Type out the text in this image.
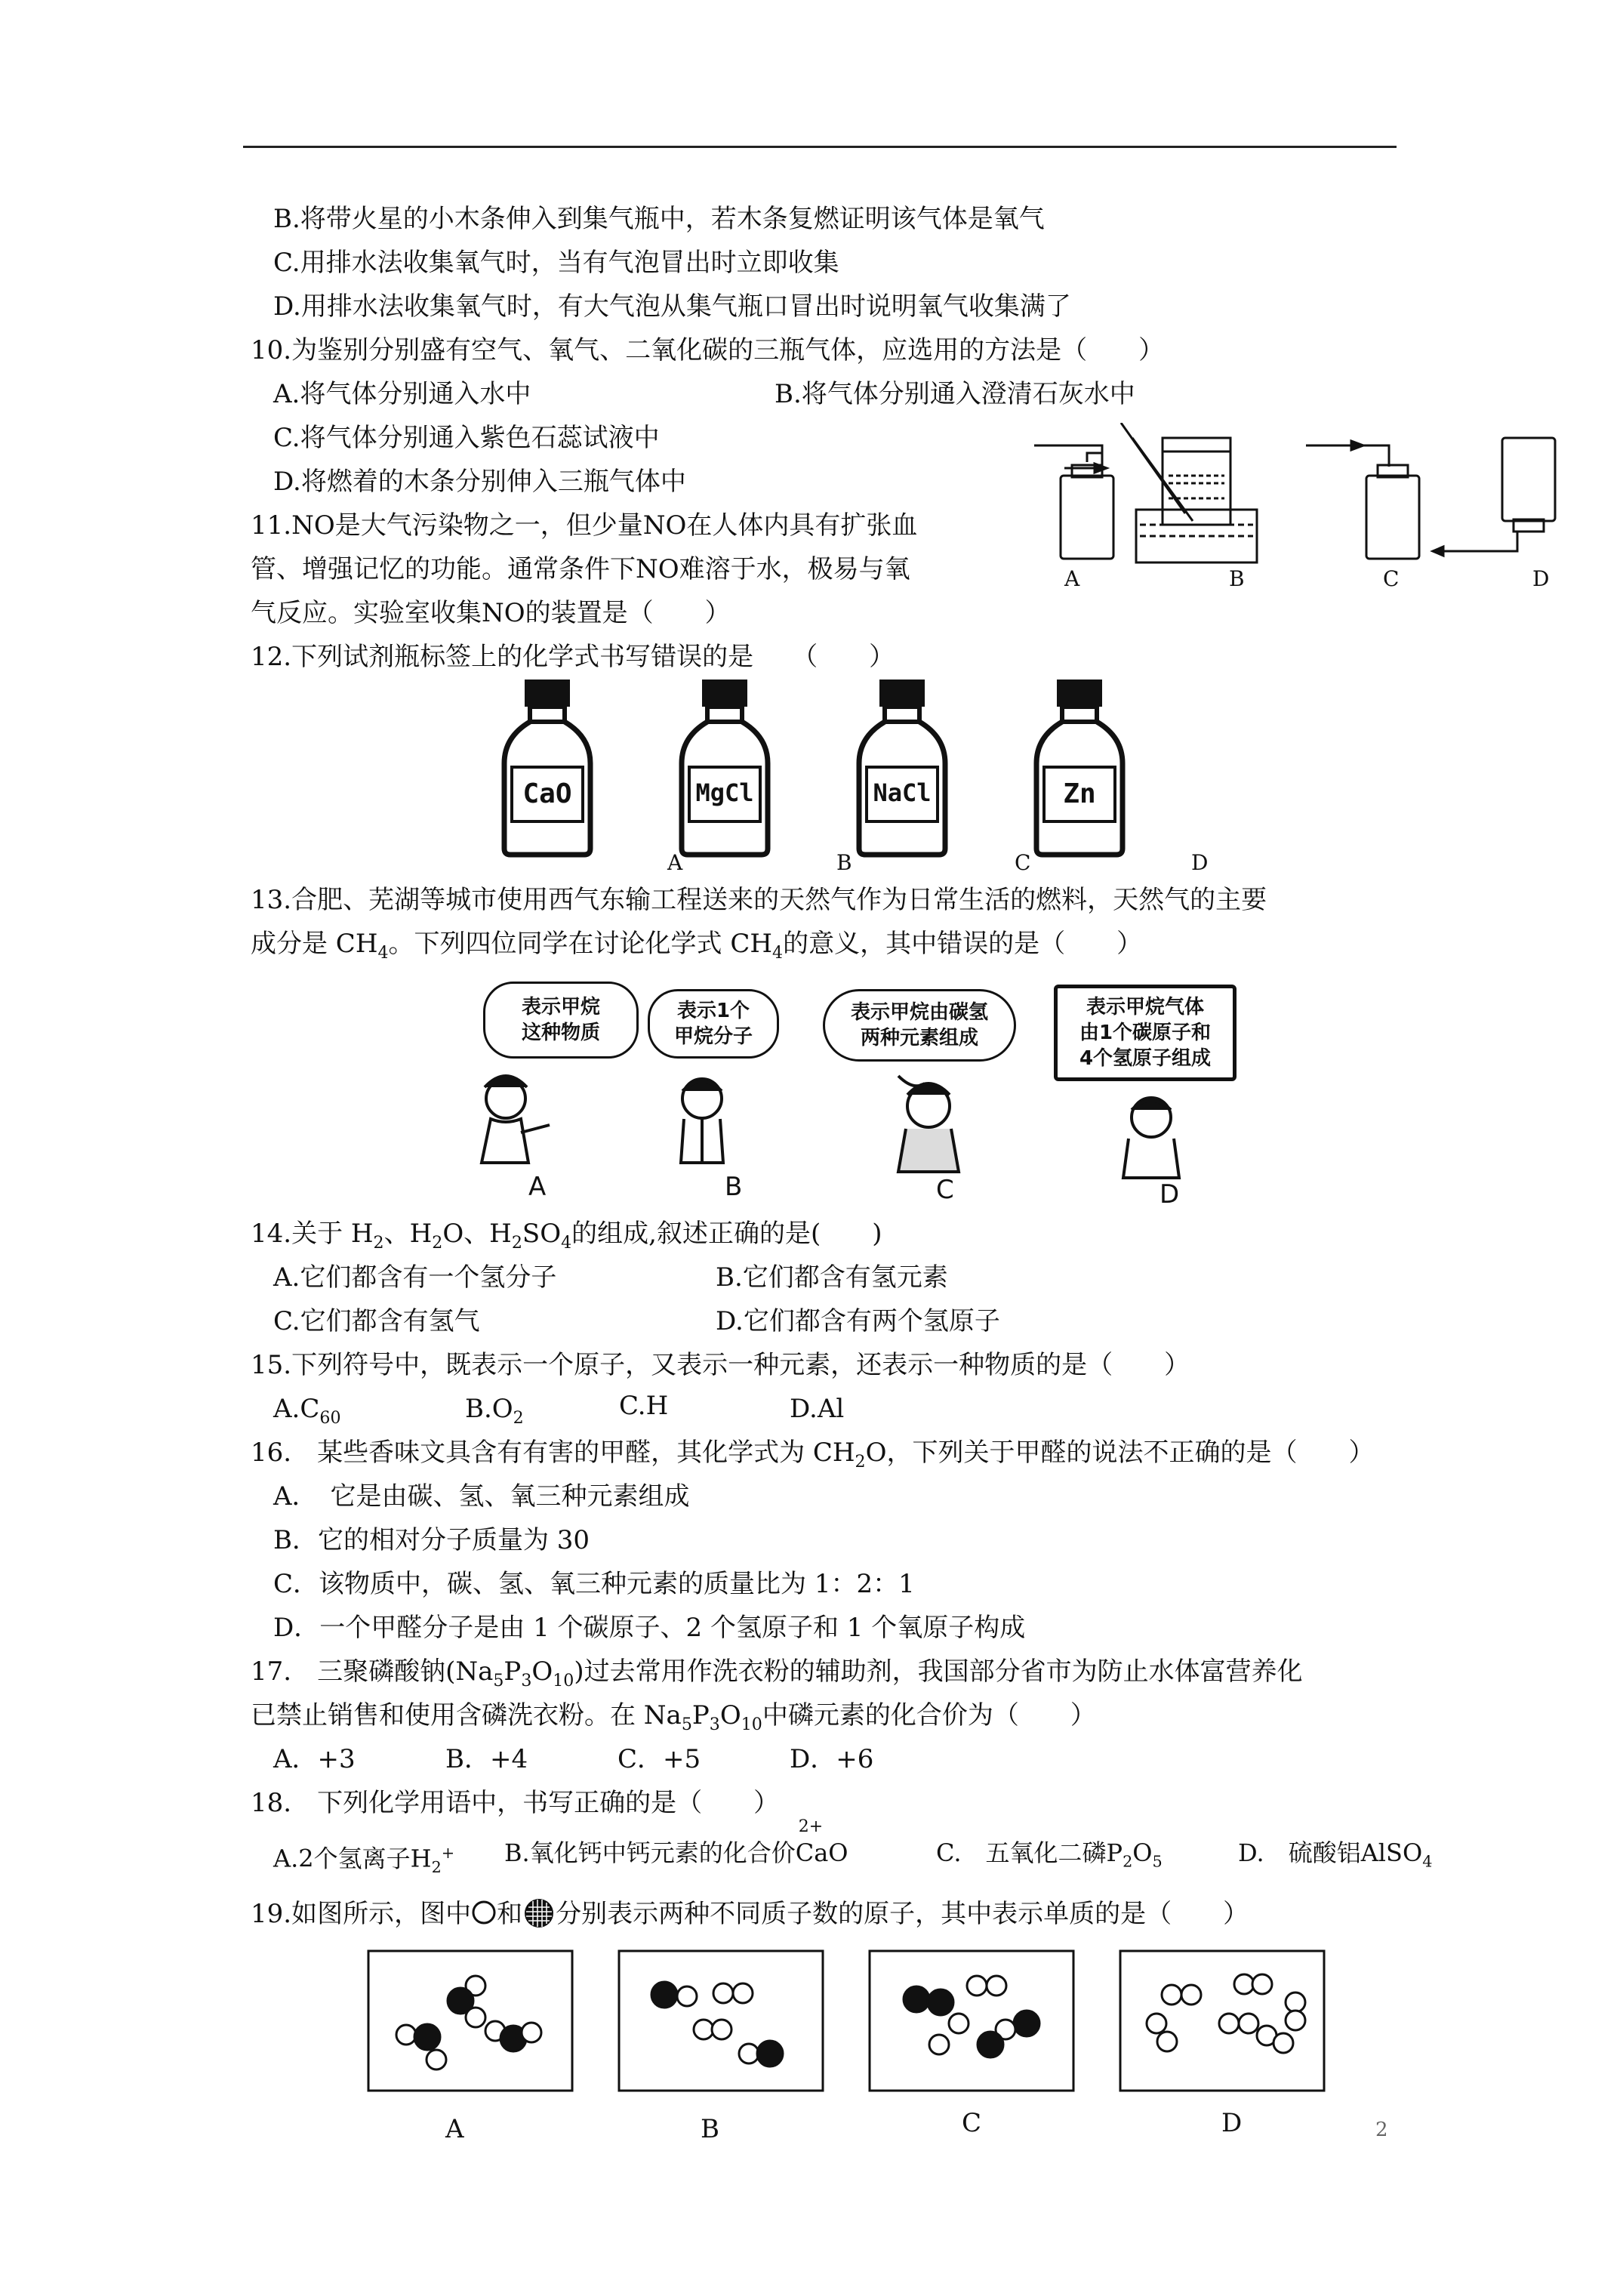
B.将带火星的小木条伸入到集气瓶中，若木条复燃证明该气体是氧气
C.用排水法收集氧气时，当有气泡冒出时立即收集
D.用排水法收集氧气时，有大气泡从集气瓶口冒出时说明氧气收集满了
10.为鉴别分别盛有空气、氧气、二氧化碳的三瓶气体，应选用的方法是（　　）
A.将气体分别通入水中	B.将气体分别通入澄清石灰水中
C.将气体分别通入紫色石蕊试液中
D.将燃着的木条分别伸入三瓶气体中
11.NO是大气污染物之一，但少量NO在人体内具有扩张血
管、增强记忆的功能。通常条件下NO难溶于水，极易与氧
气反应。实验室收集NO的装置是（　　）
A	B	C	D
12.下列试剂瓶标签上的化学式书写错误的是　　（　　）
CaO	MgCl	NaCl	Zn
A	B	C	D
13.合肥、芜湖等城市使用西气东输工程送来的天然气作为日常生活的燃料，天然气的主要
成分是 $CH_4$。下列四位同学在讨论化学式 $CH_4$的意义，其中错误的是（　　）
表示甲烷
这种物质
表示1个
甲烷分子
表示甲烷由碳氢
两种元素组成
表示甲烷气体
由1个碳原子和
4个氢原子组成
A	B	C	D
14.关于 $H_2$、$H_2O$、$H_2SO_4$的组成,叙述正确的是(　　)
A.它们都含有一个氢分子	B.它们都含有氢元素
C.它们都含有氢气	D.它们都含有两个氢原子
15.下列符号中，既表示一个原子，又表示一种元素，还表示一种物质的是（　　）
$A.C_{60}$	$B.O_2$	C.H	D.Al
16.　某些香味文具含有有害的甲醛，其化学式为 $CH_2O$，下列关于甲醛的说法不正确的是（　　）
A．　它是由碳、氢、氧三种元素组成
B．它的相对分子质量为 30
C．该物质中，碳、氢、氧三种元素的质量比为 1：2：1
D．一个甲醛分子是由 1 个碳原子、2 个氢原子和 1 个氧原子构成
17.　三聚磷酸钠$(Na_5P_3O_{10})$过去常用作洗衣粉的辅助剂，我国部分省市为防止水体富营养化
已禁止销售和使用含磷洗衣粉。在 $Na_5P_3O_{10}$中磷元素的化合价为（　　）
A．+3	B．+4	C．+5	D．+6
18.　下列化学用语中，书写正确的是（　　）
A.2个氢离子$H_2^+$ B.氧化钙中钙元素的化合价
2+
CaO	C.　五氧化二磷$P_2O_5$	D.　硫酸铝AlSO$_4$
19.如图所示，图中 和 分别表示两种不同质子数的原子，其中表示单质的是（　　）
A	B	C	D	2
